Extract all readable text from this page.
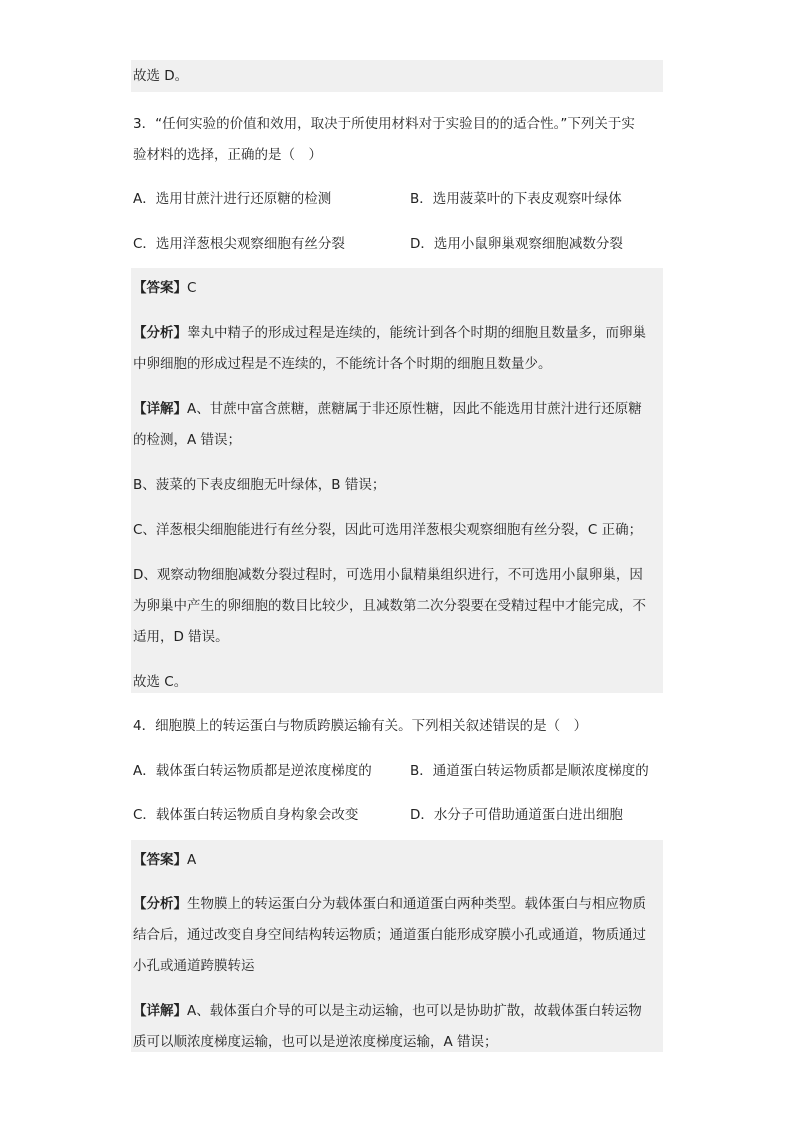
故选 D。
3．“任何实验的价值和效用，取决于所使用材料对于实验目的的适合性。”下列关于实
验材料的选择，正确的是（　）
A．选用甘蔗汁进行还原糖的检测	B．选用菠菜叶的下表皮观察叶绿体
C．选用洋葱根尖观察细胞有丝分裂	D．选用小鼠卵巢观察细胞减数分裂
【答案】C
【分析】睾丸中精子的形成过程是连续的，能统计到各个时期的细胞且数量多，而卵巢
中卵细胞的形成过程是不连续的，不能统计各个时期的细胞且数量少。
【详解】A、甘蔗中富含蔗糖，蔗糖属于非还原性糖，因此不能选用甘蔗汁进行还原糖
的检测，A 错误；
B、菠菜的下表皮细胞无叶绿体，B 错误；
C、洋葱根尖细胞能进行有丝分裂，因此可选用洋葱根尖观察细胞有丝分裂，C 正确；
D、观察动物细胞减数分裂过程时，可选用小鼠精巢组织进行，不可选用小鼠卵巢，因
为卵巢中产生的卵细胞的数目比较少，且减数第二次分裂要在受精过程中才能完成，不
适用，D 错误。
故选 C。
4．细胞膜上的转运蛋白与物质跨膜运输有关。下列相关叙述错误的是（　）
A．载体蛋白转运物质都是逆浓度梯度的	B．通道蛋白转运物质都是顺浓度梯度的
C．载体蛋白转运物质自身构象会改变	D．水分子可借助通道蛋白进出细胞
【答案】A
【分析】生物膜上的转运蛋白分为载体蛋白和通道蛋白两种类型。载体蛋白与相应物质
结合后，通过改变自身空间结构转运物质；通道蛋白能形成穿膜小孔或通道，物质通过
小孔或通道跨膜转运
【详解】A、载体蛋白介导的可以是主动运输，也可以是协助扩散，故载体蛋白转运物
质可以顺浓度梯度运输，也可以是逆浓度梯度运输，A 错误；
